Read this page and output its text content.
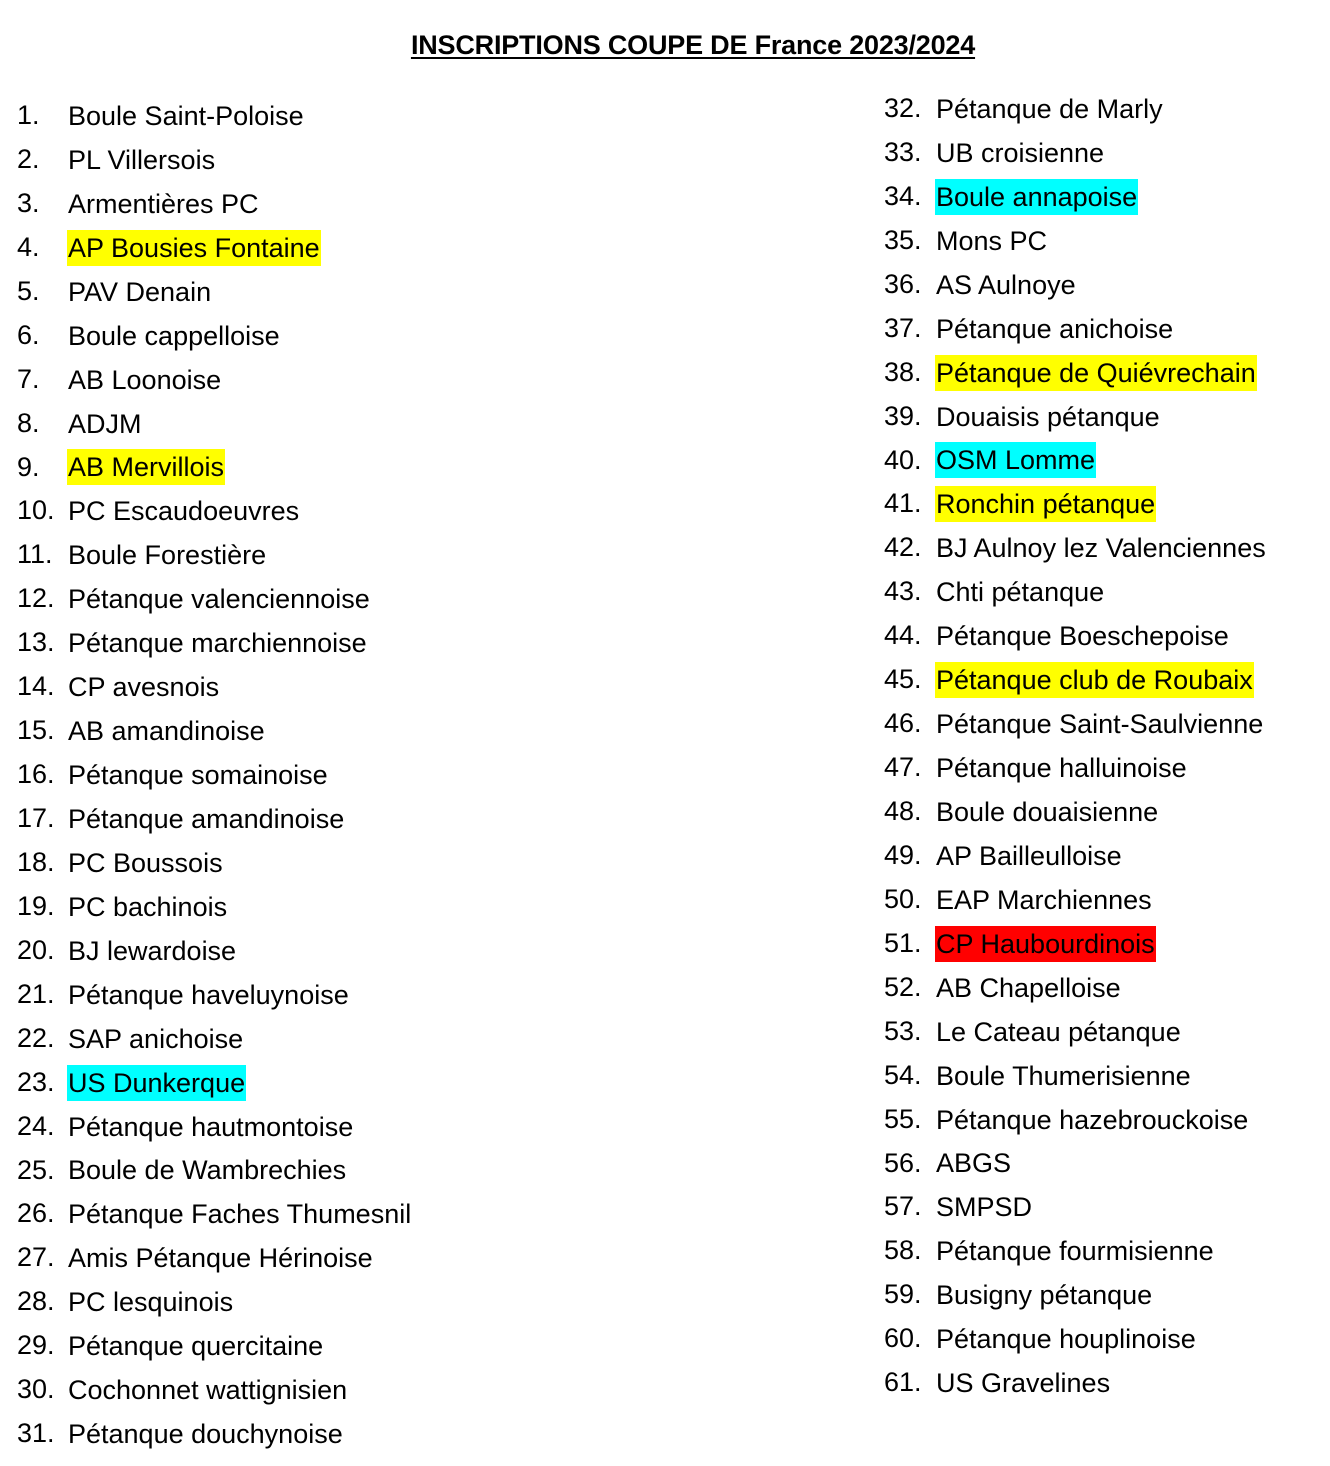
INSCRIPTIONS COUPE DE France 2023/2024
1.	Boule Saint-Poloise
2.	PL Villersois
3.	Armentières PC
4.	AP Bousies Fontaine
5.	PAV Denain
6.	Boule cappelloise
7.	AB Loonoise
8.	ADJM
9.	AB Mervillois
10. PC Escaudoeuvres
11. Boule Forestière
12. Pétanque valenciennoise
13. Pétanque marchiennoise
14. CP avesnois
15. AB amandinoise
16. Pétanque somainoise
17. Pétanque amandinoise
18. PC Boussois
19. PC bachinois
20. BJ lewardoise
21. Pétanque haveluynoise
22. SAP anichoise
23. US Dunkerque
24. Pétanque hautmontoise
25. Boule de Wambrechies
26. Pétanque Faches Thumesnil
27. Amis Pétanque Hérinoise
28. PC lesquinois
29. Pétanque quercitaine
30. Cochonnet wattignisien
31. Pétanque douchynoise
32. Pétanque de Marly
33. UB croisienne
34. Boule annapoise
35. Mons PC
36. AS Aulnoye
37. Pétanque anichoise
38. Pétanque de Quiévrechain
39. Douaisis pétanque
40. OSM Lomme
41. Ronchin pétanque
42. BJ Aulnoy lez Valenciennes
43. Chti pétanque
44. Pétanque Boeschepoise
45. Pétanque club de Roubaix
46. Pétanque Saint-Saulvienne
47. Pétanque halluinoise
48. Boule douaisienne
49. AP Bailleulloise
50. EAP Marchiennes
51. CP Haubourdinois
52. AB Chapelloise
53. Le Cateau pétanque
54. Boule Thumerisienne
55. Pétanque hazebrouckoise
56. ABGS
57. SMPSD
58. Pétanque fourmisienne
59. Busigny pétanque
60. Pétanque houplinoise
61. US Gravelines
